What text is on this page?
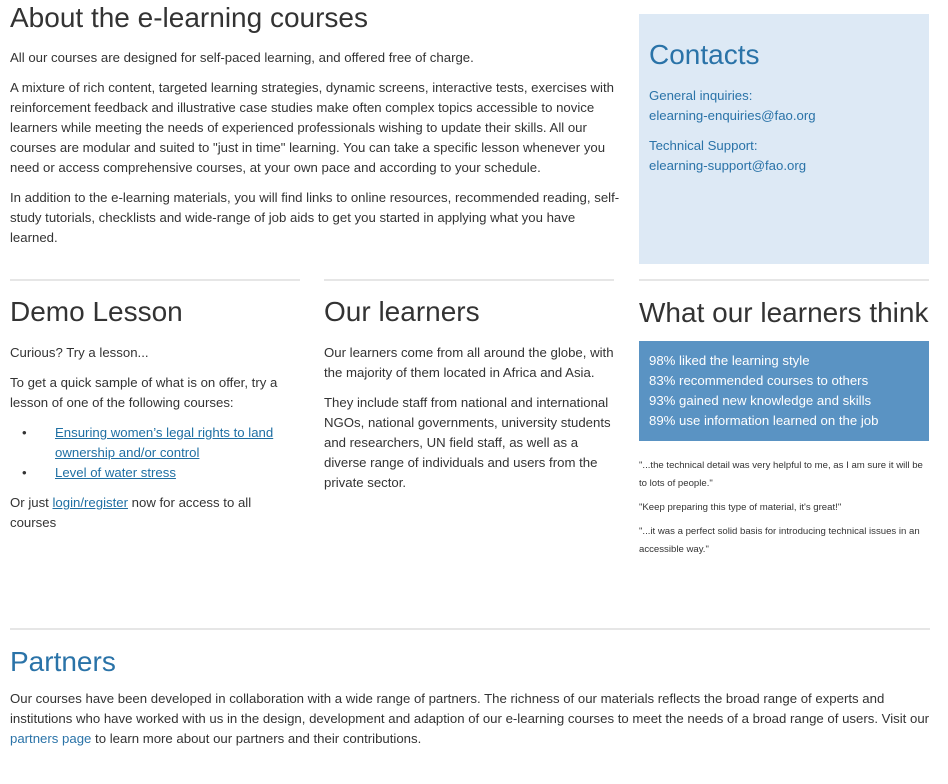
About the e-learning courses

All our courses are designed for self-paced learning, and offered free of charge.

A mixture of rich content, targeted learning strategies, dynamic screens, interactive tests, exercises with reinforcement feedback and illustrative case studies make often complex topics accessible to novice learners while meeting the needs of experienced professionals wishing to update their skills. All our courses are modular and suited to "just in time" learning. You can take a specific lesson whenever you need or access comprehensive courses, at your own pace and according to your schedule.

In addition to the e-learning materials, you will find links to online resources, recommended reading, self-study tutorials, checklists and wide-range of job aids to get you started in applying what you have learned.

Contacts
General inquiries:
elearning-enquiries@fao.org
Technical Support:
elearning-support@fao.org
Demo Lesson

Curious? Try a lesson...

To get a quick sample of what is on offer, try a lesson of one of the following courses:

• Ensuring women’s legal rights to land ownership and/or control
• Level of water stress

Or just login/register now for access to all courses

Our learners

Our learners come from all around the globe, with the majority of them located in Africa and Asia.

They include staff from national and international NGOs, national governments, university students and researchers, UN field staff, as well as a diverse range of individuals and users from the private sector.

What our learners think
98% liked the learning style
83% recommended courses to others
93% gained new knowledge and skills
89% use information learned on the job
"...the technical detail was very helpful to me, as I am sure it will be to lots of people."
"Keep preparing this type of material, it's great!"
"...it was a perfect solid basis for introducing technical issues in an accessible way."
Partners

Our courses have been developed in collaboration with a wide range of partners. The richness of our materials reflects the broad range of experts and institutions who have worked with us in the design, development and adaption of our e-learning courses to meet the needs of a broad range of users. Visit our partners page to learn more about our partners and their contributions.
